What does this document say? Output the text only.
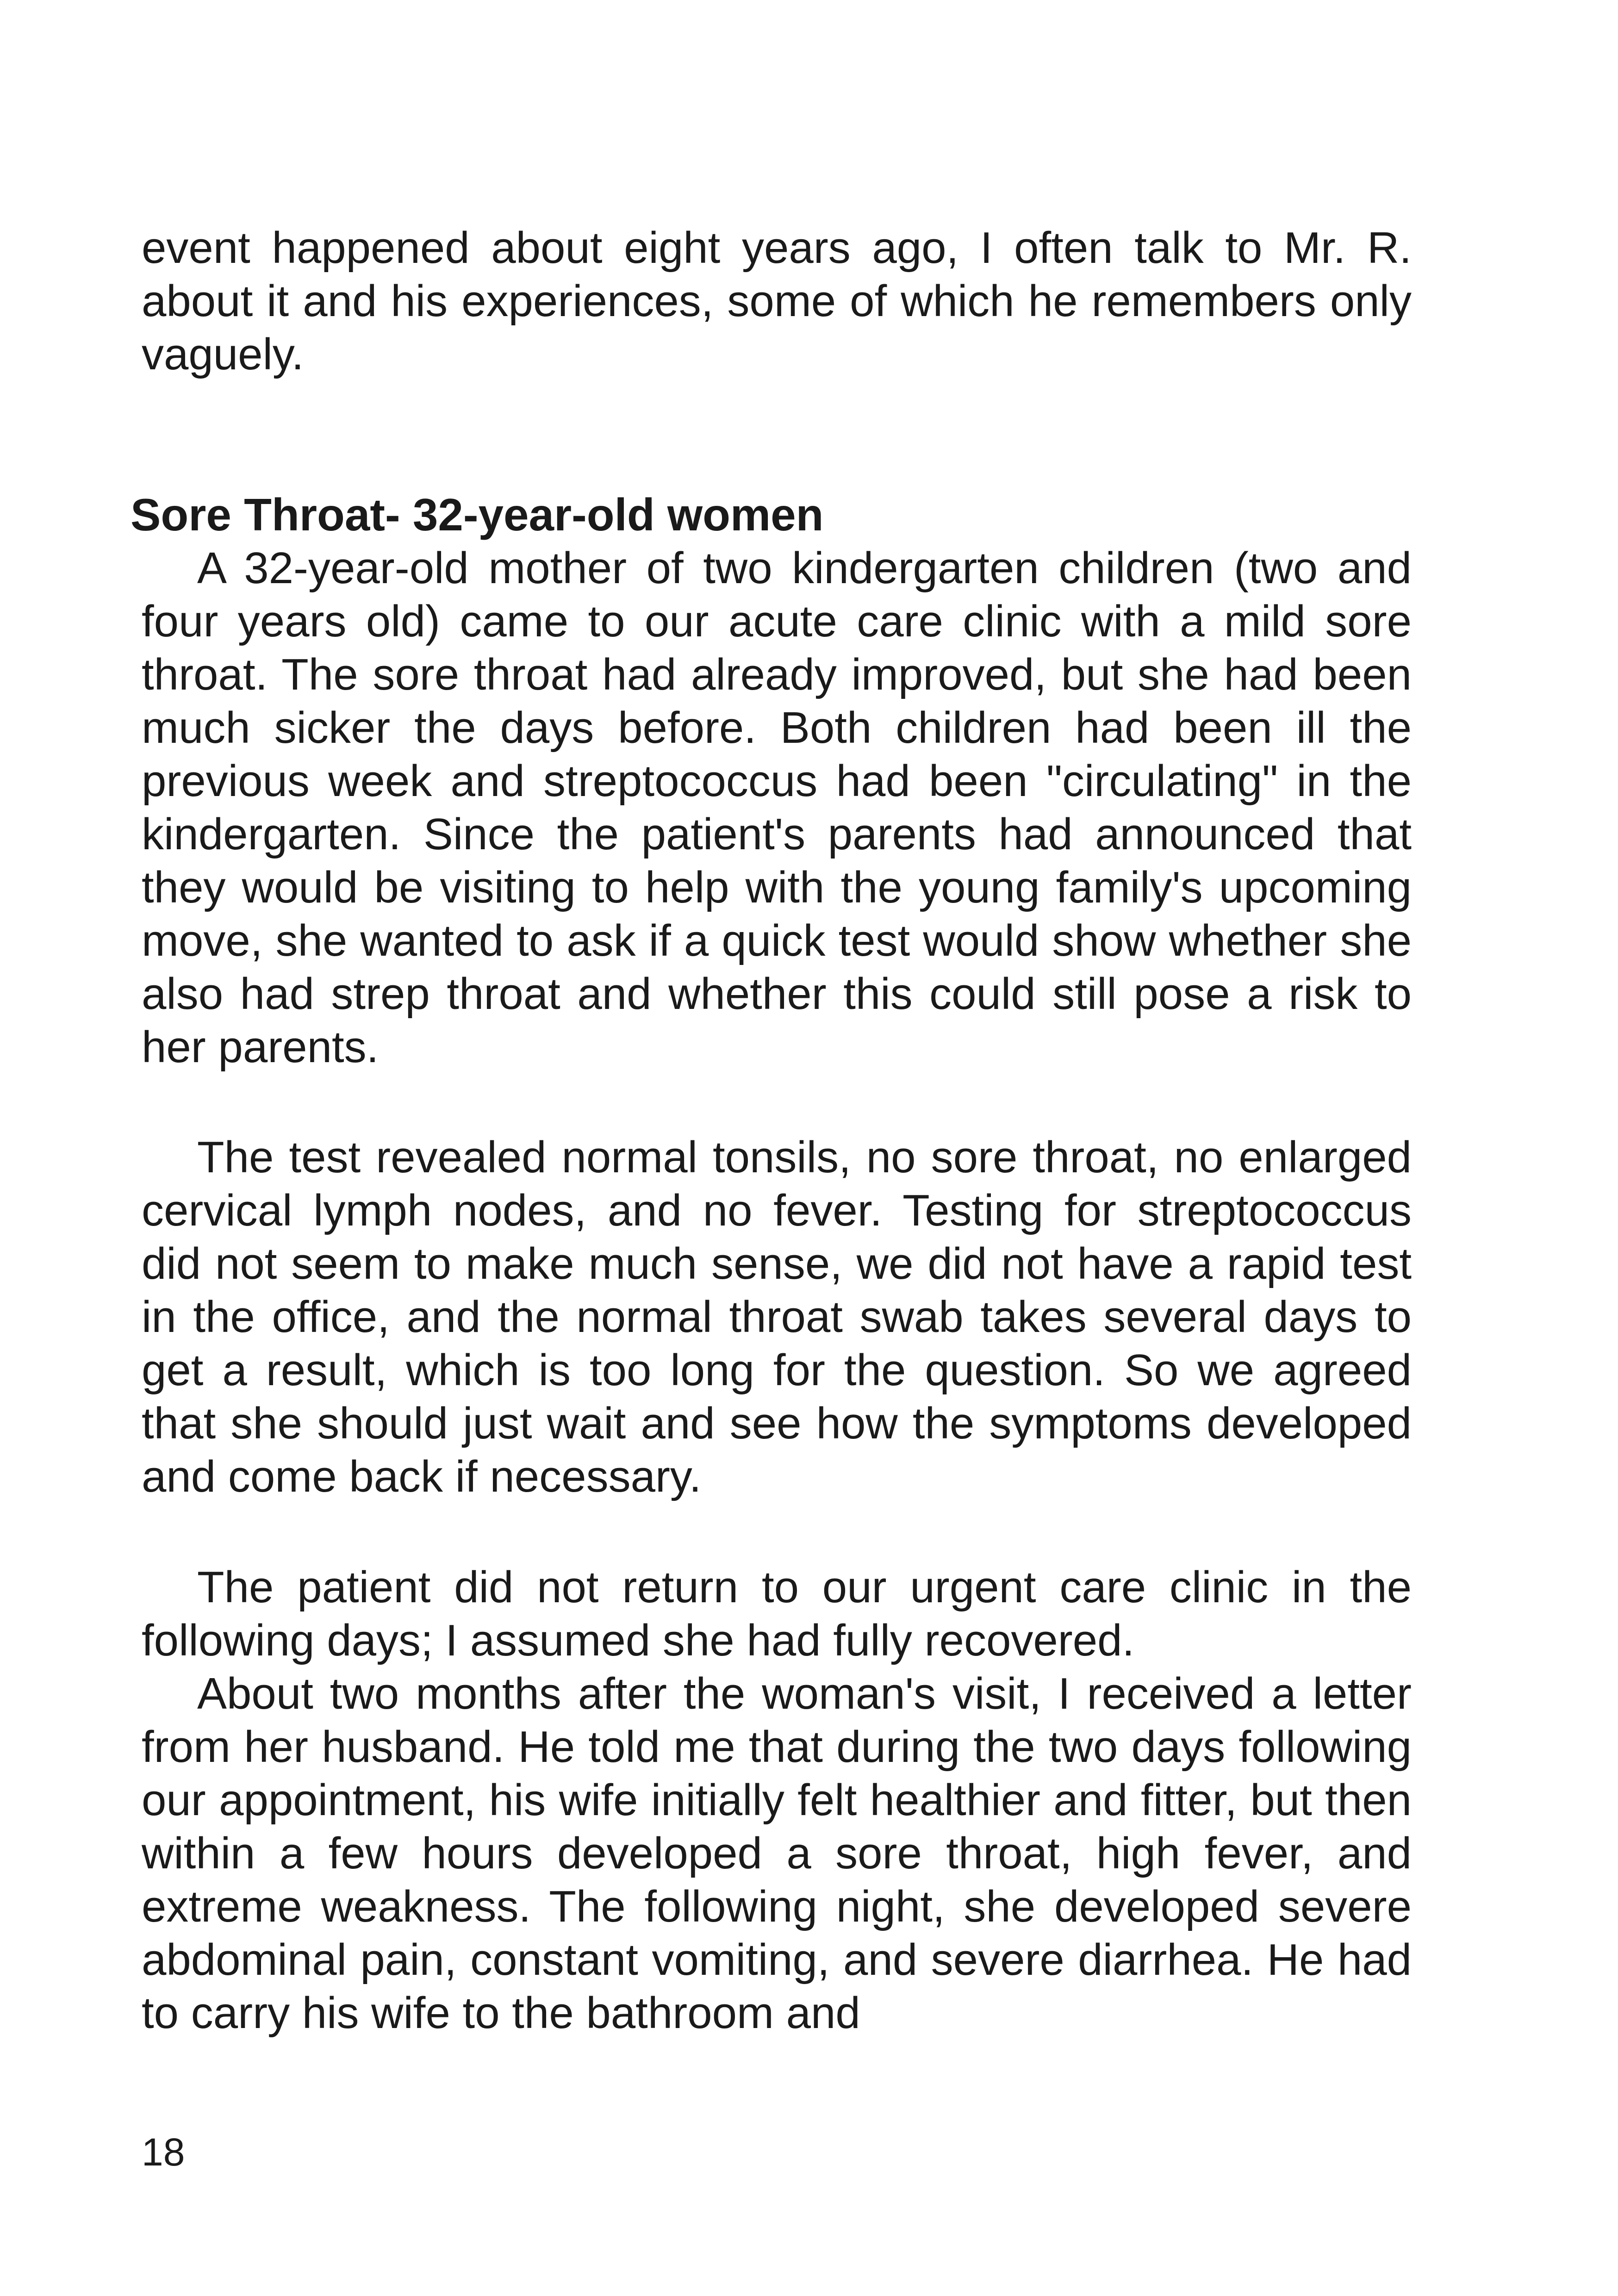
event happened about eight years ago, I often talk to Mr. R. about it and his experiences, some of which he remembers only vaguely.

Sore Throat- 32-year-old women

A 32-year-old mother of two kindergarten children (two and four years old) came to our acute care clinic with a mild sore throat. The sore throat had already improved, but she had been much sicker the days before. Both children had been ill the previous week and streptococcus had been "circulating" in the kindergarten. Since the patient's parents had announced that they would be visiting to help with the young family's upcoming move, she wanted to ask if a quick test would show whether she also had strep throat and whether this could still pose a risk to her parents.

The test revealed normal tonsils, no sore throat, no enlarged cervical lymph nodes, and no fever. Testing for streptococcus did not seem to make much sense, we did not have a rapid test in the office, and the normal throat swab takes several days to get a result, which is too long for the question. So we agreed that she should just wait and see how the symptoms developed and come back if necessary.

The patient did not return to our urgent care clinic in the following days; I assumed she had fully recovered.

About two months after the woman's visit, I received a letter from her husband. He told me that during the two days following our appointment, his wife initially felt healthier and fitter, but then within a few hours developed a sore throat, high fever, and extreme weakness. The following night, she developed severe abdominal pain, constant vomiting, and severe diarrhea. He had to carry his wife to the bathroom and

18
